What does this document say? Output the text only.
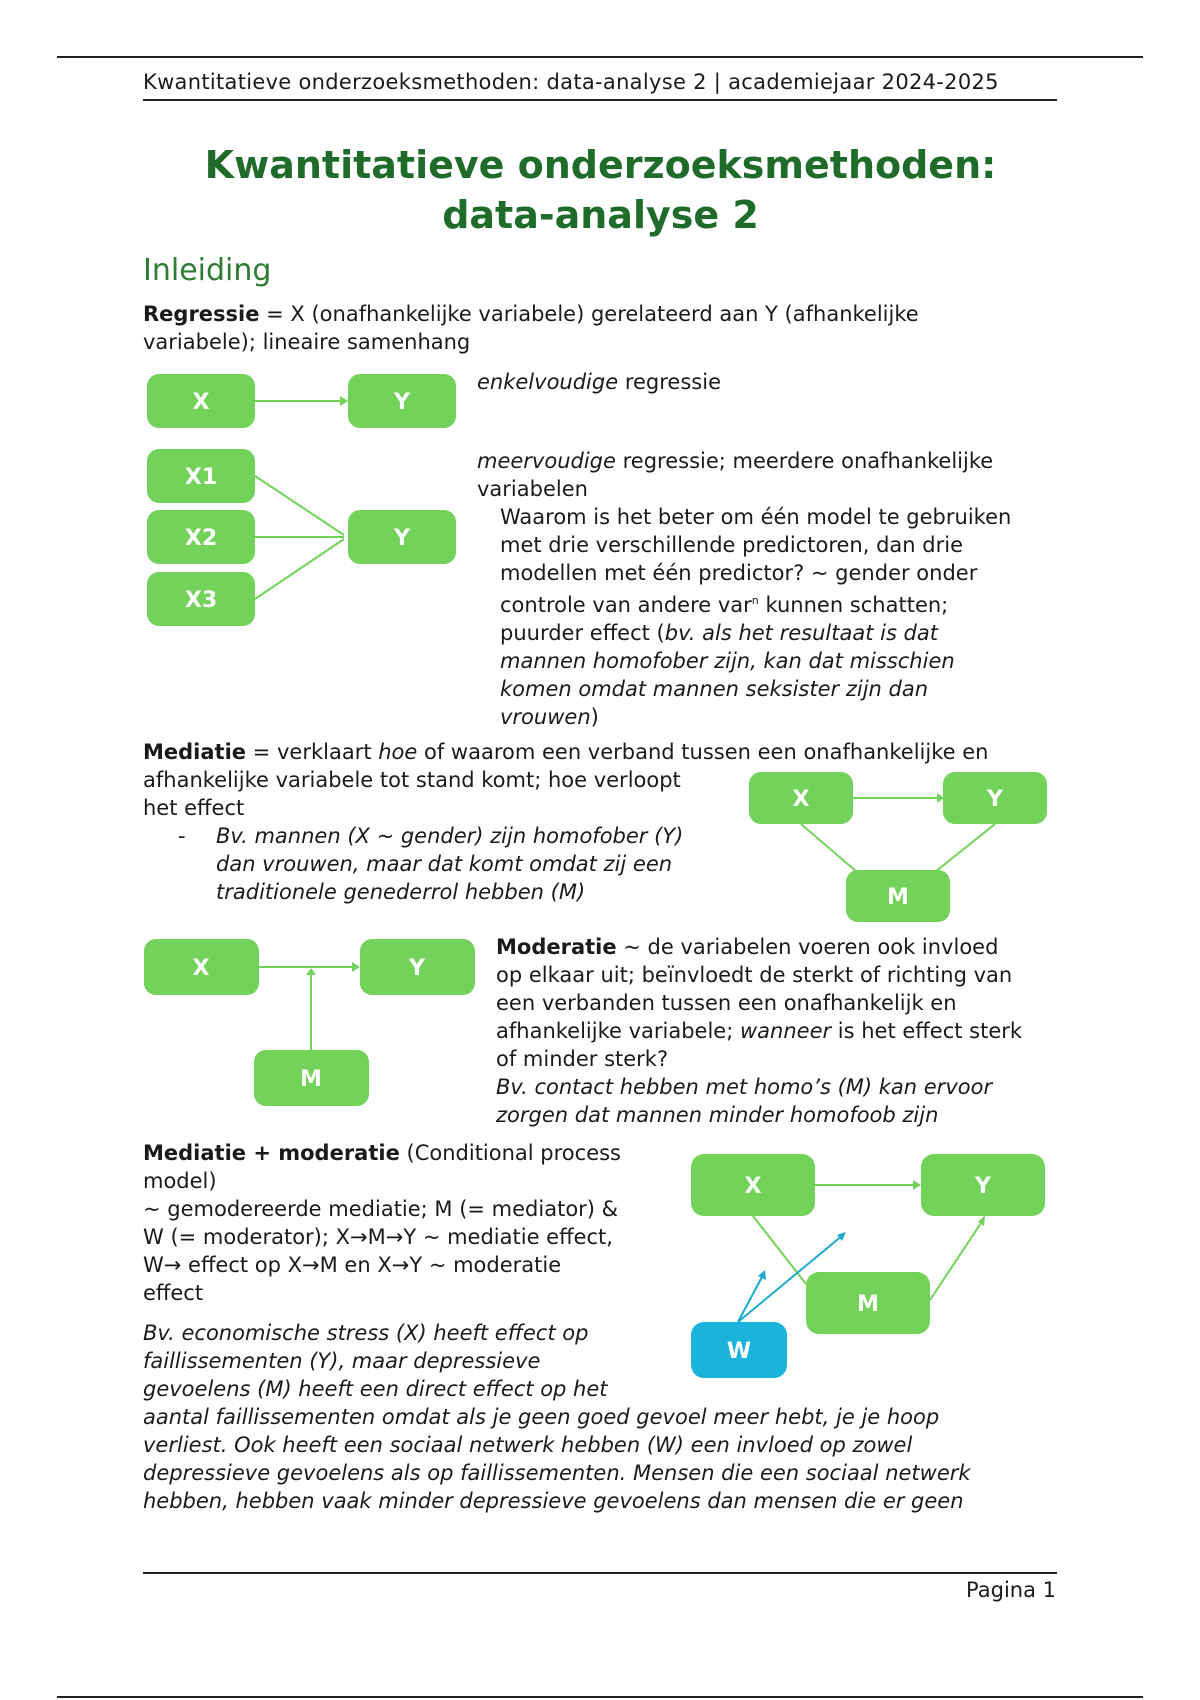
Kwantitatieve onderzoeksmethoden: data-analyse 2 | academiejaar 2024-2025
Kwantitatieve onderzoeksmethoden:
data-analyse 2
Inleiding
Regressie = X (onafhankelijke variabele) gerelateerd aan Y (afhankelijke
variabele); lineaire samenhang
X	Y
enkelvoudige regressie
X1
X2
X3
Y
meervoudige regressie; meerdere onafhankelijke
variabelen
Waarom is het beter om één model te gebruiken
met drie verschillende predictoren, dan drie
modellen met één predictor? ~ gender onder
controle van andere var$^n$ kunnen schatten;
puurder effect (bv. als het resultaat is dat
mannen homofober zijn, kan dat misschien
komen omdat mannen seksister zijn dan
vrouwen)
Mediatie = verklaart hoe of waarom een verband tussen een onafhankelijke en
afhankelijke variabele tot stand komt; hoe verloopt
het effect
- Bv. mannen (X ~ gender) zijn homofober (Y)
dan vrouwen, maar dat komt omdat zij een
traditionele genederrol hebben (M)
X	Y
M
X	Y
M
Moderatie ~ de variabelen voeren ook invloed
op elkaar uit; beïnvloedt de sterkt of richting van
een verbanden tussen een onafhankelijk en
afhankelijke variabele; wanneer is het effect sterk
of minder sterk?
Bv. contact hebben met homo’s (M) kan ervoor
zorgen dat mannen minder homofoob zijn
Mediatie + moderatie (Conditional process
model)
~ gemodereerde mediatie; M (= mediator) &
W (= moderator); X→M→Y ~ mediatie effect,
W→ effect op X→M en X→Y ~ moderatie
effect
Bv. economische stress (X) heeft effect op
faillissementen (Y), maar depressieve
gevoelens (M) heeft een direct effect op het
aantal faillissementen omdat als je geen goed gevoel meer hebt, je je hoop
verliest. Ook heeft een sociaal netwerk hebben (W) een invloed op zowel
depressieve gevoelens als op faillissementen. Mensen die een sociaal netwerk
hebben, hebben vaak minder depressieve gevoelens dan mensen die er geen
X	Y
M
W
Pagina 1
